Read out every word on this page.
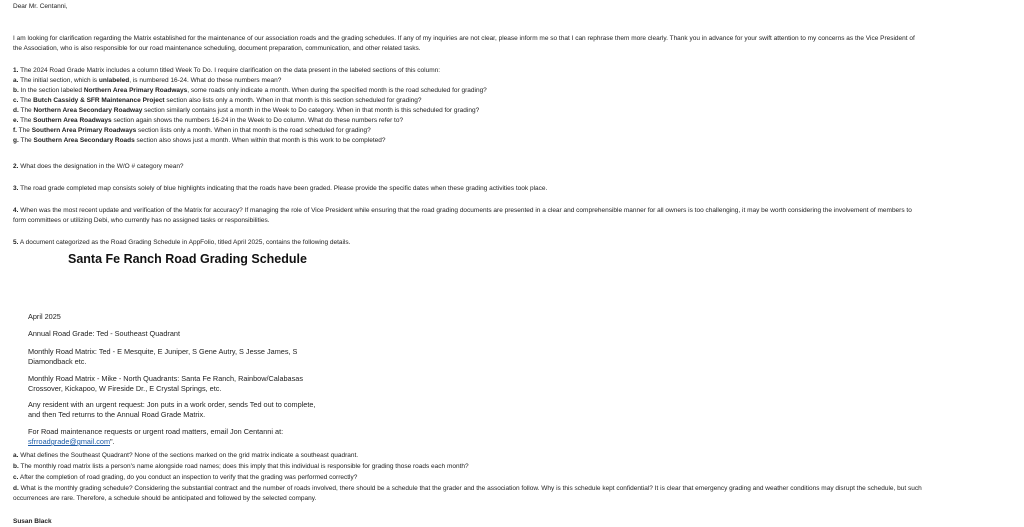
Dear Mr. Centanni,
I am looking for clarification regarding the Matrix established for the maintenance of our association roads and the grading schedules. If any of my inquiries are not clear, please inform me so that I can rephrase them more clearly. Thank you in advance for your swift attention to my concerns as the Vice President of
the Association, who is also responsible for our road maintenance scheduling, document preparation, communication, and other related tasks.
1. The 2024 Road Grade Matrix includes a column titled Week To Do. I require clarification on the data present in the labeled sections of this column:
a. The initial section, which is unlabeled, is numbered 16-24. What do these numbers mean?
b. In the section labeled Northern Area Primary Roadways, some roads only indicate a month. When during the specified month is the road scheduled for grading?
c. The Butch Cassidy & SFR Maintenance Project section also lists only a month. When in that month is this section scheduled for grading?
d. The Northern Area Secondary Roadway section similarly contains just a month in the Week to Do category. When in that month is this scheduled for grading?
e. The Southern Area Roadways section again shows the numbers 16-24 in the Week to Do column. What do these numbers refer to?
f. The Southern Area Primary Roadways section lists only a month. When in that month is the road scheduled for grading?
g. The Southern Area Secondary Roads section also shows just a month. When within that month is this work to be completed?
2. What does the designation in the W/O # category mean?
3. The road grade completed map consists solely of blue highlights indicating that the roads have been graded. Please provide the specific dates when these grading activities took place.
4. When was the most recent update and verification of the Matrix for accuracy? If managing the role of Vice President while ensuring that the road grading documents are presented in a clear and comprehensible manner for all owners is too challenging, it may be worth considering the involvement of members to
form committees or utilizing Debi, who currently has no assigned tasks or responsibilities.
5. A document categorized as the Road Grading Schedule in AppFolio, titled April 2025, contains the following details.
Santa Fe Ranch Road Grading Schedule
April 2025
Annual Road Grade: Ted - Southeast Quadrant
Monthly Road Matrix: Ted - E Mesquite, E Juniper, S Gene Autry, S Jesse James, S Diamondback etc.
Monthly Road Matrix - Mike - North Quadrants: Santa Fe Ranch, Rainbow/Calabasas Crossover, Kickapoo, W Fireside Dr., E Crystal Springs, etc.
Any resident with an urgent request: Jon puts in a work order, sends Ted out to complete, and then Ted returns to the Annual Road Grade Matrix.
For Road maintenance requests or urgent road matters, email Jon Centanni at:
sfrroadgrade@gmail.com".
a. What defines the Southeast Quadrant? None of the sections marked on the grid matrix indicate a southeast quadrant.
b. The monthly road matrix lists a person's name alongside road names; does this imply that this individual is responsible for grading those roads each month?
c. After the completion of road grading, do you conduct an inspection to verify that the grading was performed correctly?
d. What is the monthly grading schedule? Considering the substantial contract and the number of roads involved, there should be a schedule that the grader and the association follow. Why is this schedule kept confidential? It is clear that emergency grading and weather conditions may disrupt the schedule, but such
occurrences are rare. Therefore, a schedule should be anticipated and followed by the selected company.
Susan Black
